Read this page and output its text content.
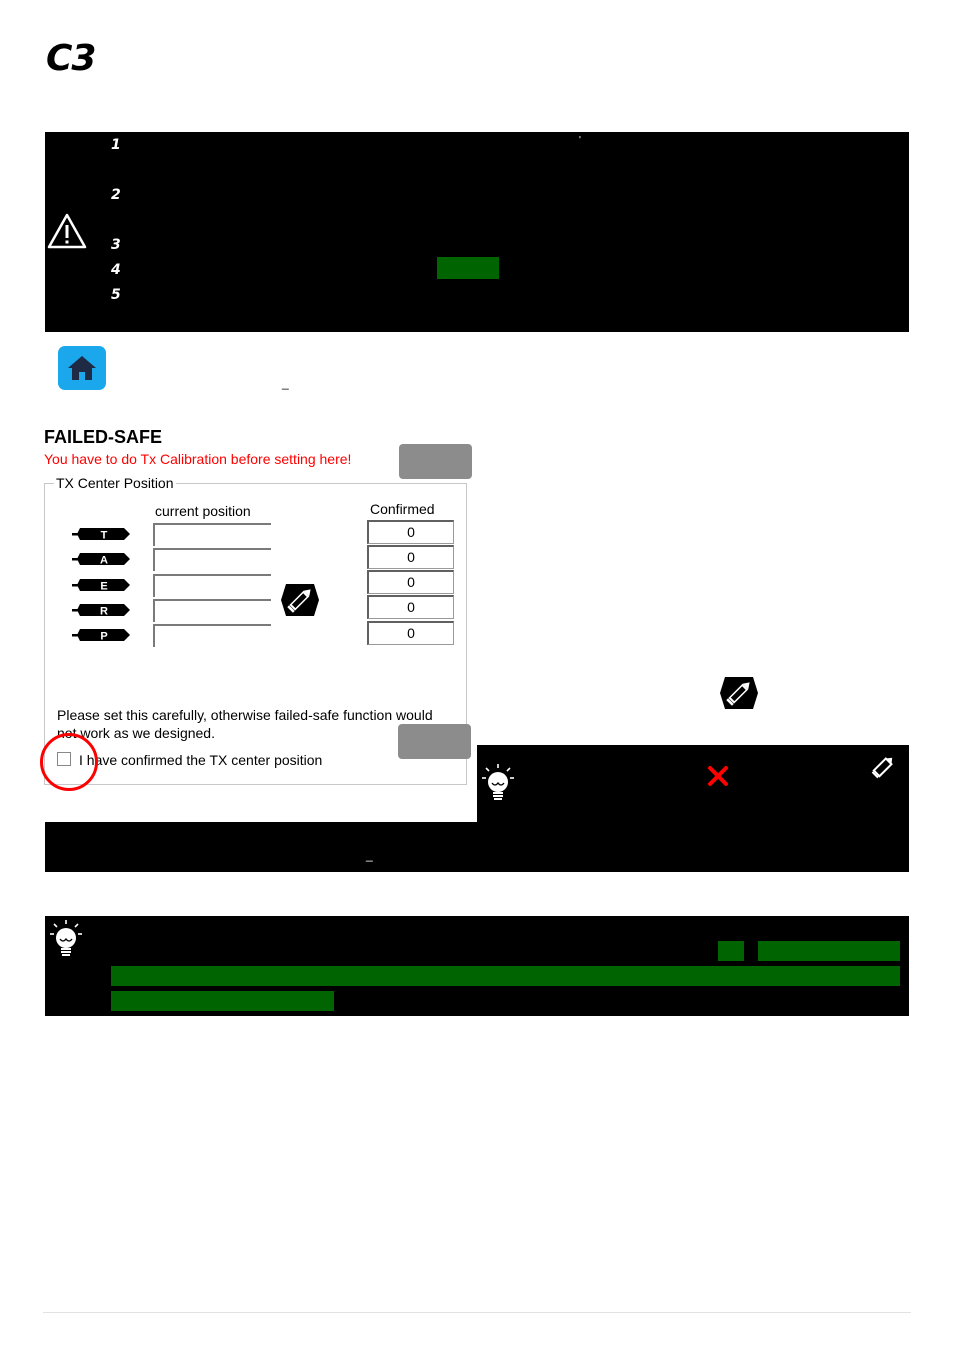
C3
1
2
3
4
5
'
_
FAILED-SAFE
You have to do Tx Calibration before setting here!
TX Center Position
current position	Confirmed
T
A
E
R
P
0
0
0
0
0
Please set this carefully, otherwise failed-safe function would not work as we designed.
I have confirmed the TX center position
_
